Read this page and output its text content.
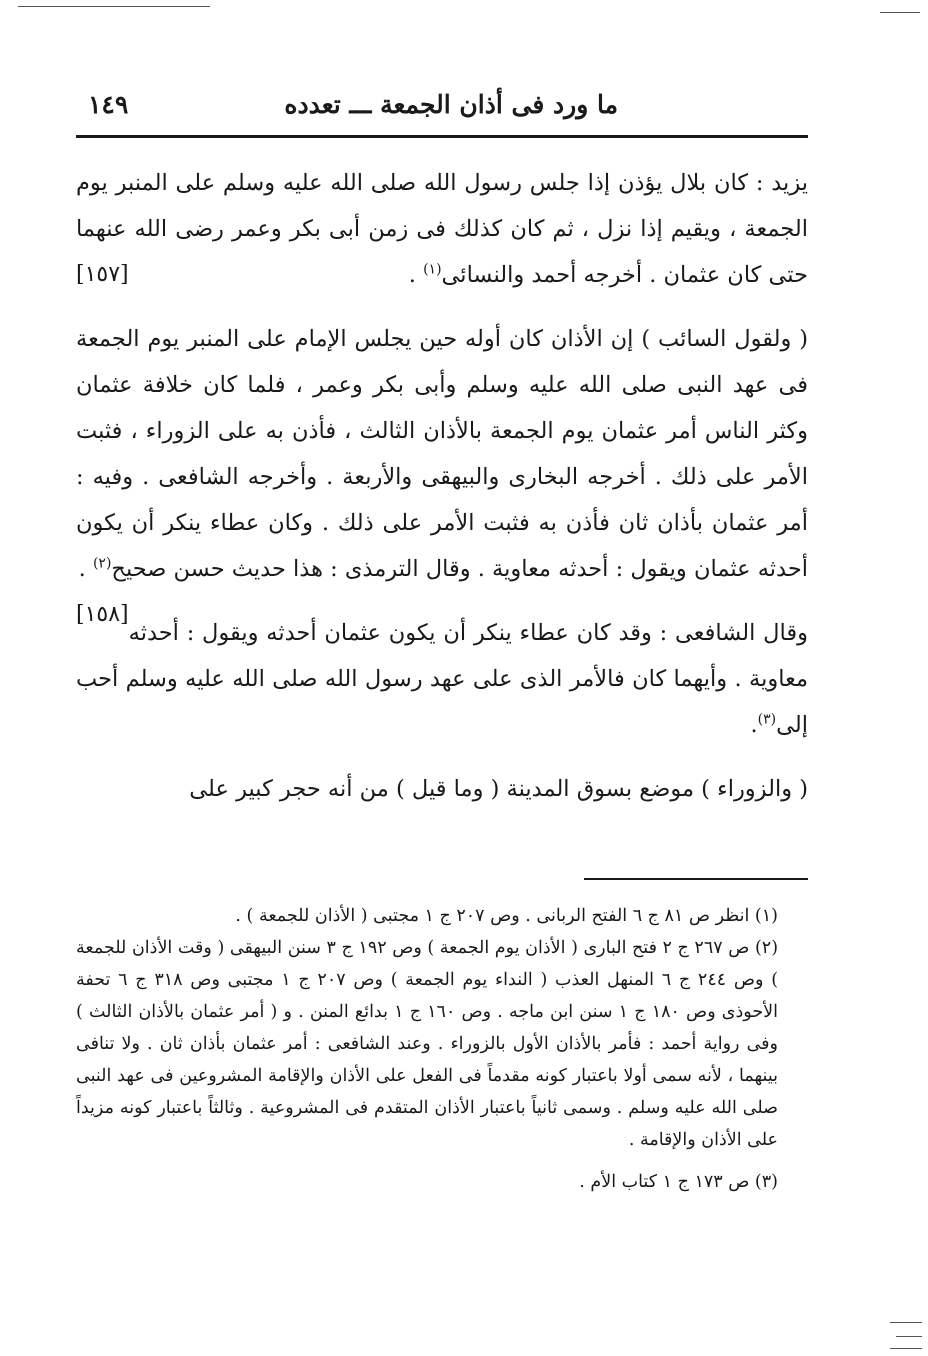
ما ورد فى أذان الجمعة ـــ تعدده
١٤٩

يزيد : كان بلال يؤذن إذا جلس رسول الله صلى الله عليه وسلم على المنبر يوم الجمعة ، ويقيم إذا نزل ، ثم كان كذلك فى زمن أبى بكر وعمر رضى الله عنهما حتى كان عثمان . أخرجه أحمد والنسائى$^{(١)}$ .
[١٥٧]

( ولقول السائب ) إن الأذان كان أوله حين يجلس الإمام على المنبر يوم الجمعة فى عهد النبى صلى الله عليه وسلم وأبى بكر وعمر ، فلما كان خلافة عثمان وكثر الناس أمر عثمان يوم الجمعة بالأذان الثالث ، فأذن به على الزوراء ، فثبت الأمر على ذلك . أخرجه البخارى والبيهقى والأربعة . وأخرجه الشافعى . وفيه : أمر عثمان بأذان ثان فأذن به فثبت الأمر على ذلك . وكان عطاء ينكر أن يكون أحدثه عثمان ويقول : أحدثه معاوية . وقال الترمذى : هذا حديث حسن صحيح$^{(٢)}$ .
[١٥٨]

وقال الشافعى : وقد كان عطاء ينكر أن يكون عثمان أحدثه ويقول : أحدثه معاوية . وأيهما كان فالأمر الذى على عهد رسول الله صلى الله عليه وسلم أحب إلى$^{(٣)}$.

( والزوراء ) موضع بسوق المدينة ( وما قيل ) من أنه حجر كبير على

(١) انظر ص ٨١ ج ٦ الفتح الربانى . وص ٢٠٧ ج ١ مجتبى ( الأذان للجمعة ) .

(٢) ص ٢٦٧ ج ٢ فتح البارى ( الأذان يوم الجمعة ) وص ١٩٢ ج ٣ سنن البيهقى ( وقت الأذان للجمعة ) وص ٢٤٤ ج ٦ المنهل العذب ( النداء يوم الجمعة ) وص ٢٠٧ ج ١ مجتبى وص ٣١٨ ج ٦ تحفة الأحوذى وص ١٨٠ ج ١ سنن ابن ماجه . وص ١٦٠ ج ١ بدائع المنن . و ( أمر عثمان بالأذان الثالث ) وفى رواية أحمد : فأمر بالأذان الأول بالزوراء . وعند الشافعى : أمر عثمان بأذان ثان . ولا تنافى بينهما ، لأنه سمى أولا باعتبار كونه مقدماً فى الفعل على الأذان والإقامة المشروعين فى عهد النبى صلى الله عليه وسلم . وسمى ثانياً باعتبار الأذان المتقدم فى المشروعية . وثالثاً باعتبار كونه مزيداً على الأذان والإقامة .

(٣) ص ١٧٣ ج ١ كتاب الأم .
